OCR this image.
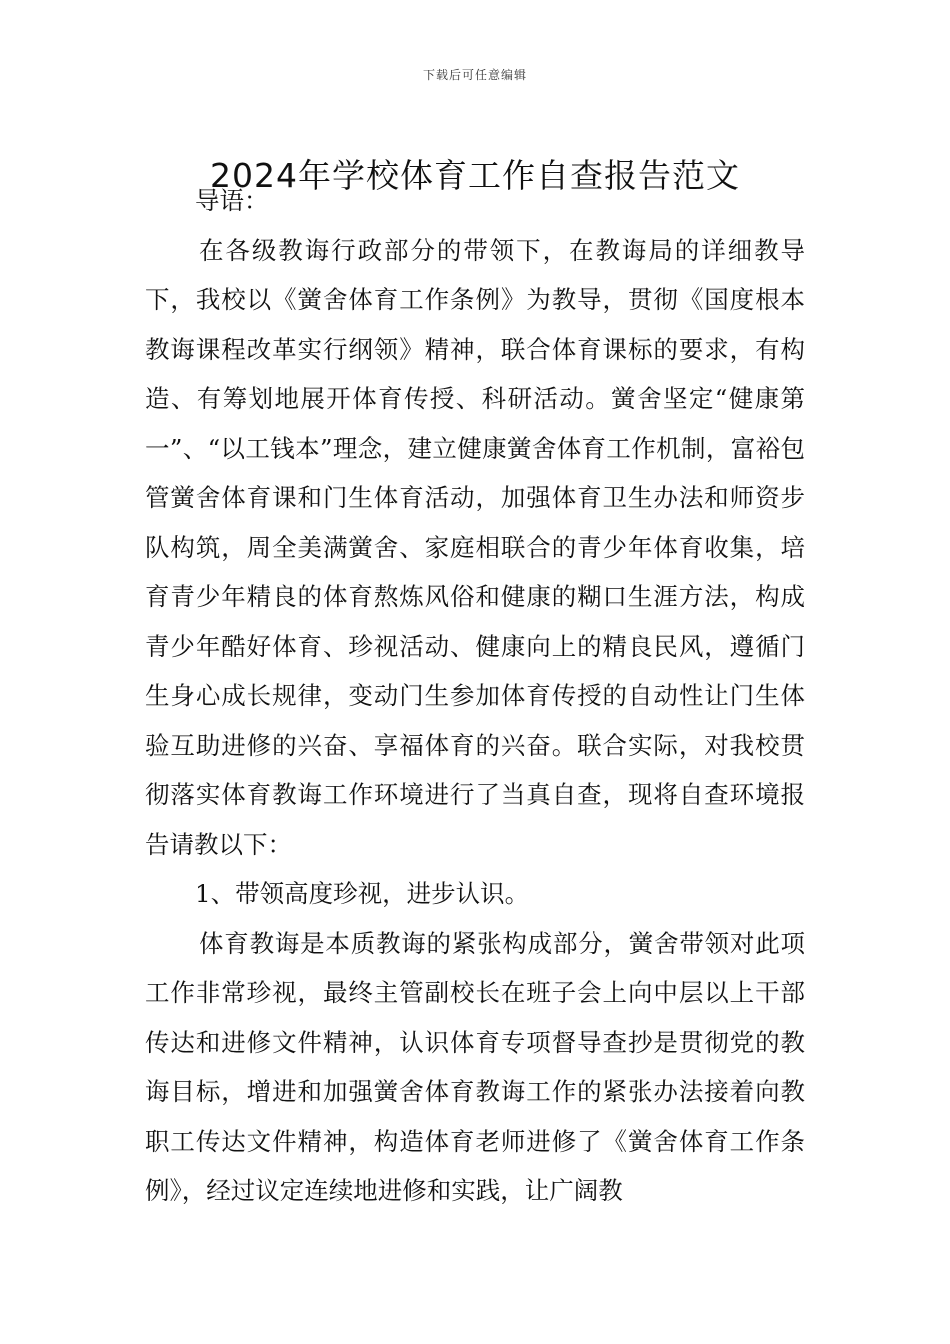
下载后可任意编辑
2024年学校体育工作自查报告范文

导语：

在各级教诲行政部分的带领下，在教诲局的详细教导下，我校以《黉舍体育工作条例》为教导，贯彻《国度根本教诲课程改革实行纲领》精神，联合体育课标的要求，有构造、有筹划地展开体育传授、科研活动。黉舍坚定“健康第一”、“以工钱本”理念，建立健康黉舍体育工作机制，富裕包管黉舍体育课和门生体育活动，加强体育卫生办法和师资步队构筑，周全美满黉舍、家庭相联合的青少年体育收集，培育青少年精良的体育熬炼风俗和健康的糊口生涯方法，构成青少年酷好体育、珍视活动、健康向上的精良民风，遵循门生身心成长规律，变动门生参加体育传授的自动性让门生体验互助进修的兴奋、享福体育的兴奋。联合实际，对我校贯彻落实体育教诲工作环境进行了当真自查，现将自查环境报告请教以下：

1、带领高度珍视，进步认识。

体育教诲是本质教诲的紧张构成部分，黉舍带领对此项工作非常珍视，最终主管副校长在班子会上向中层以上干部传达和进修文件精神，认识体育专项督导查抄是贯彻党的教诲目标，增进和加强黉舍体育教诲工作的紧张办法接着向教职工传达文件精神，构造体育老师进修了《黉舍体育工作条例》，经过议定连续地进修和实践，让广阔教
